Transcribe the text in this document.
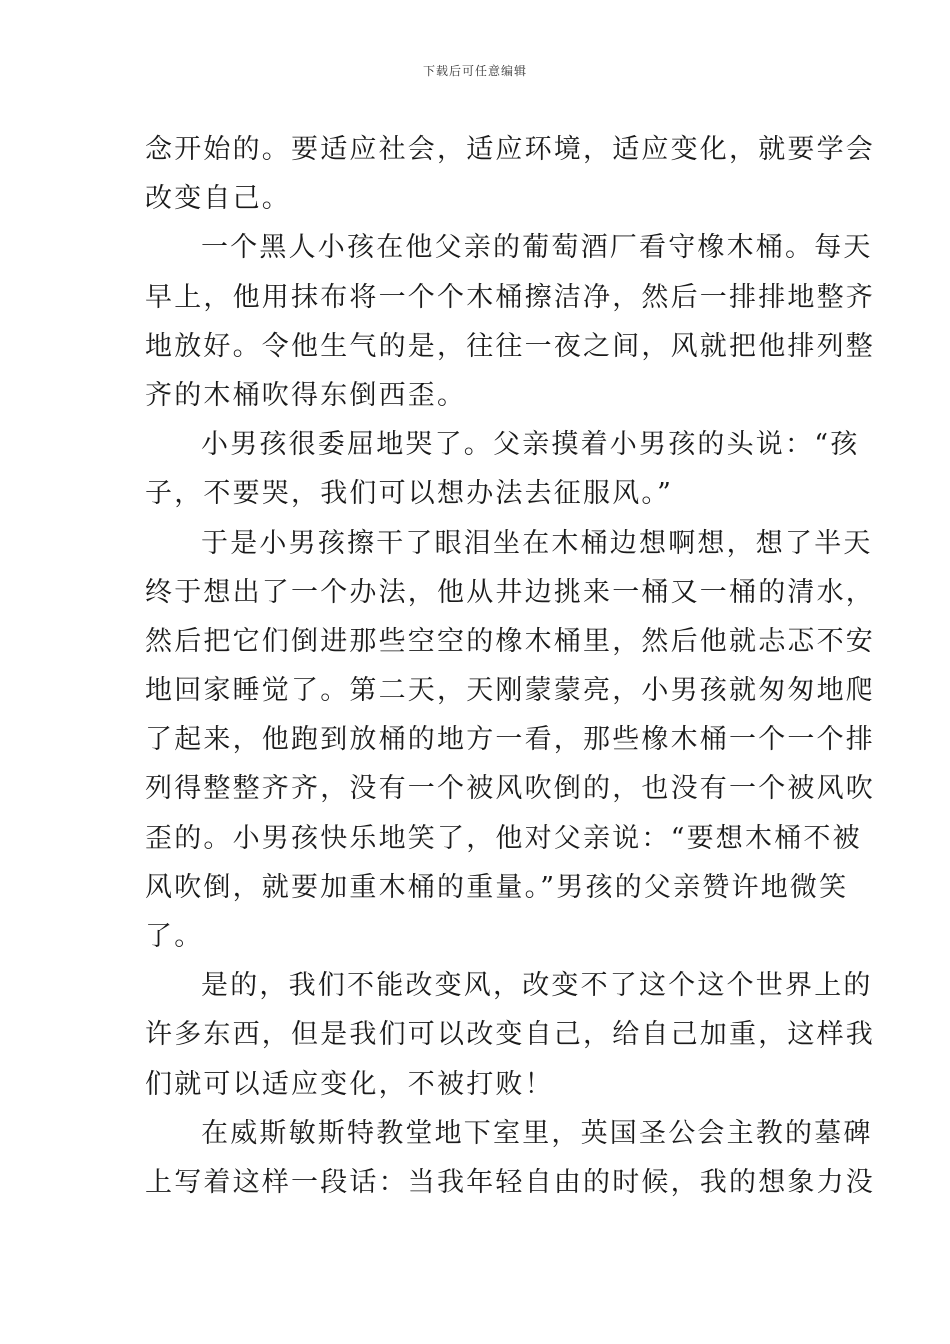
下载后可任意编辑
念开始的。要适应社会，适应环境，适应变化，就要学会
改变自己。
一个黑人小孩在他父亲的葡萄酒厂看守橡木桶。每天
早上，他用抹布将一个个木桶擦洁净，然后一排排地整齐
地放好。令他生气的是，往往一夜之间，风就把他排列整
齐的木桶吹得东倒西歪。
小男孩很委屈地哭了。父亲摸着小男孩的头说：“孩
子，不要哭，我们可以想办法去征服风。”
于是小男孩擦干了眼泪坐在木桶边想啊想，想了半天
终于想出了一个办法，他从井边挑来一桶又一桶的清水，
然后把它们倒进那些空空的橡木桶里，然后他就忐忑不安
地回家睡觉了。第二天，天刚蒙蒙亮，小男孩就匆匆地爬
了起来，他跑到放桶的地方一看，那些橡木桶一个一个排
列得整整齐齐，没有一个被风吹倒的，也没有一个被风吹
歪的。小男孩快乐地笑了，他对父亲说：“要想木桶不被
风吹倒，就要加重木桶的重量。”男孩的父亲赞许地微笑
了。
是的，我们不能改变风，改变不了这个这个世界上的
许多东西，但是我们可以改变自己，给自己加重，这样我
们就可以适应变化，不被打败！
在威斯敏斯特教堂地下室里，英国圣公会主教的墓碑
上写着这样一段话：当我年轻自由的时候，我的想象力没
